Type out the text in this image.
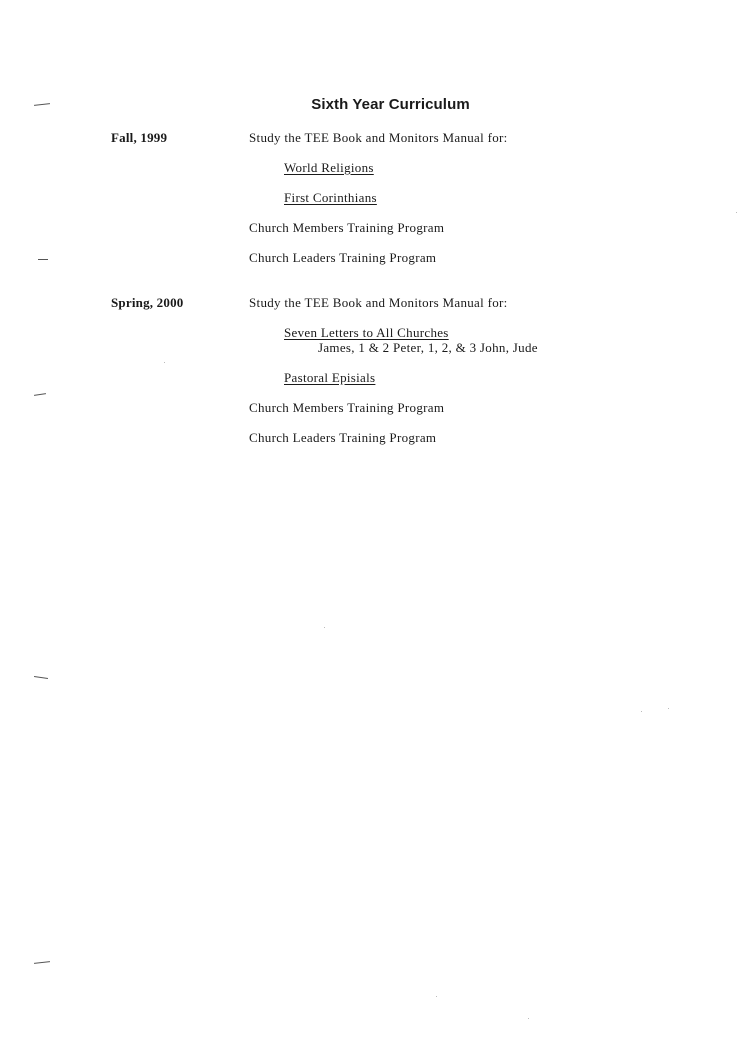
Sixth Year Curriculum
Fall, 1999	Study the TEE Book and Monitors Manual for:
World Religions
First Corinthians
Church Members Training Program
Church Leaders Training Program
Spring, 2000	Study the TEE Book and Monitors Manual for:
Seven Letters to All Churches
James, 1 & 2 Peter, 1, 2, & 3 John, Jude
Pastoral Episials
Church Members Training Program
Church Leaders Training Program
